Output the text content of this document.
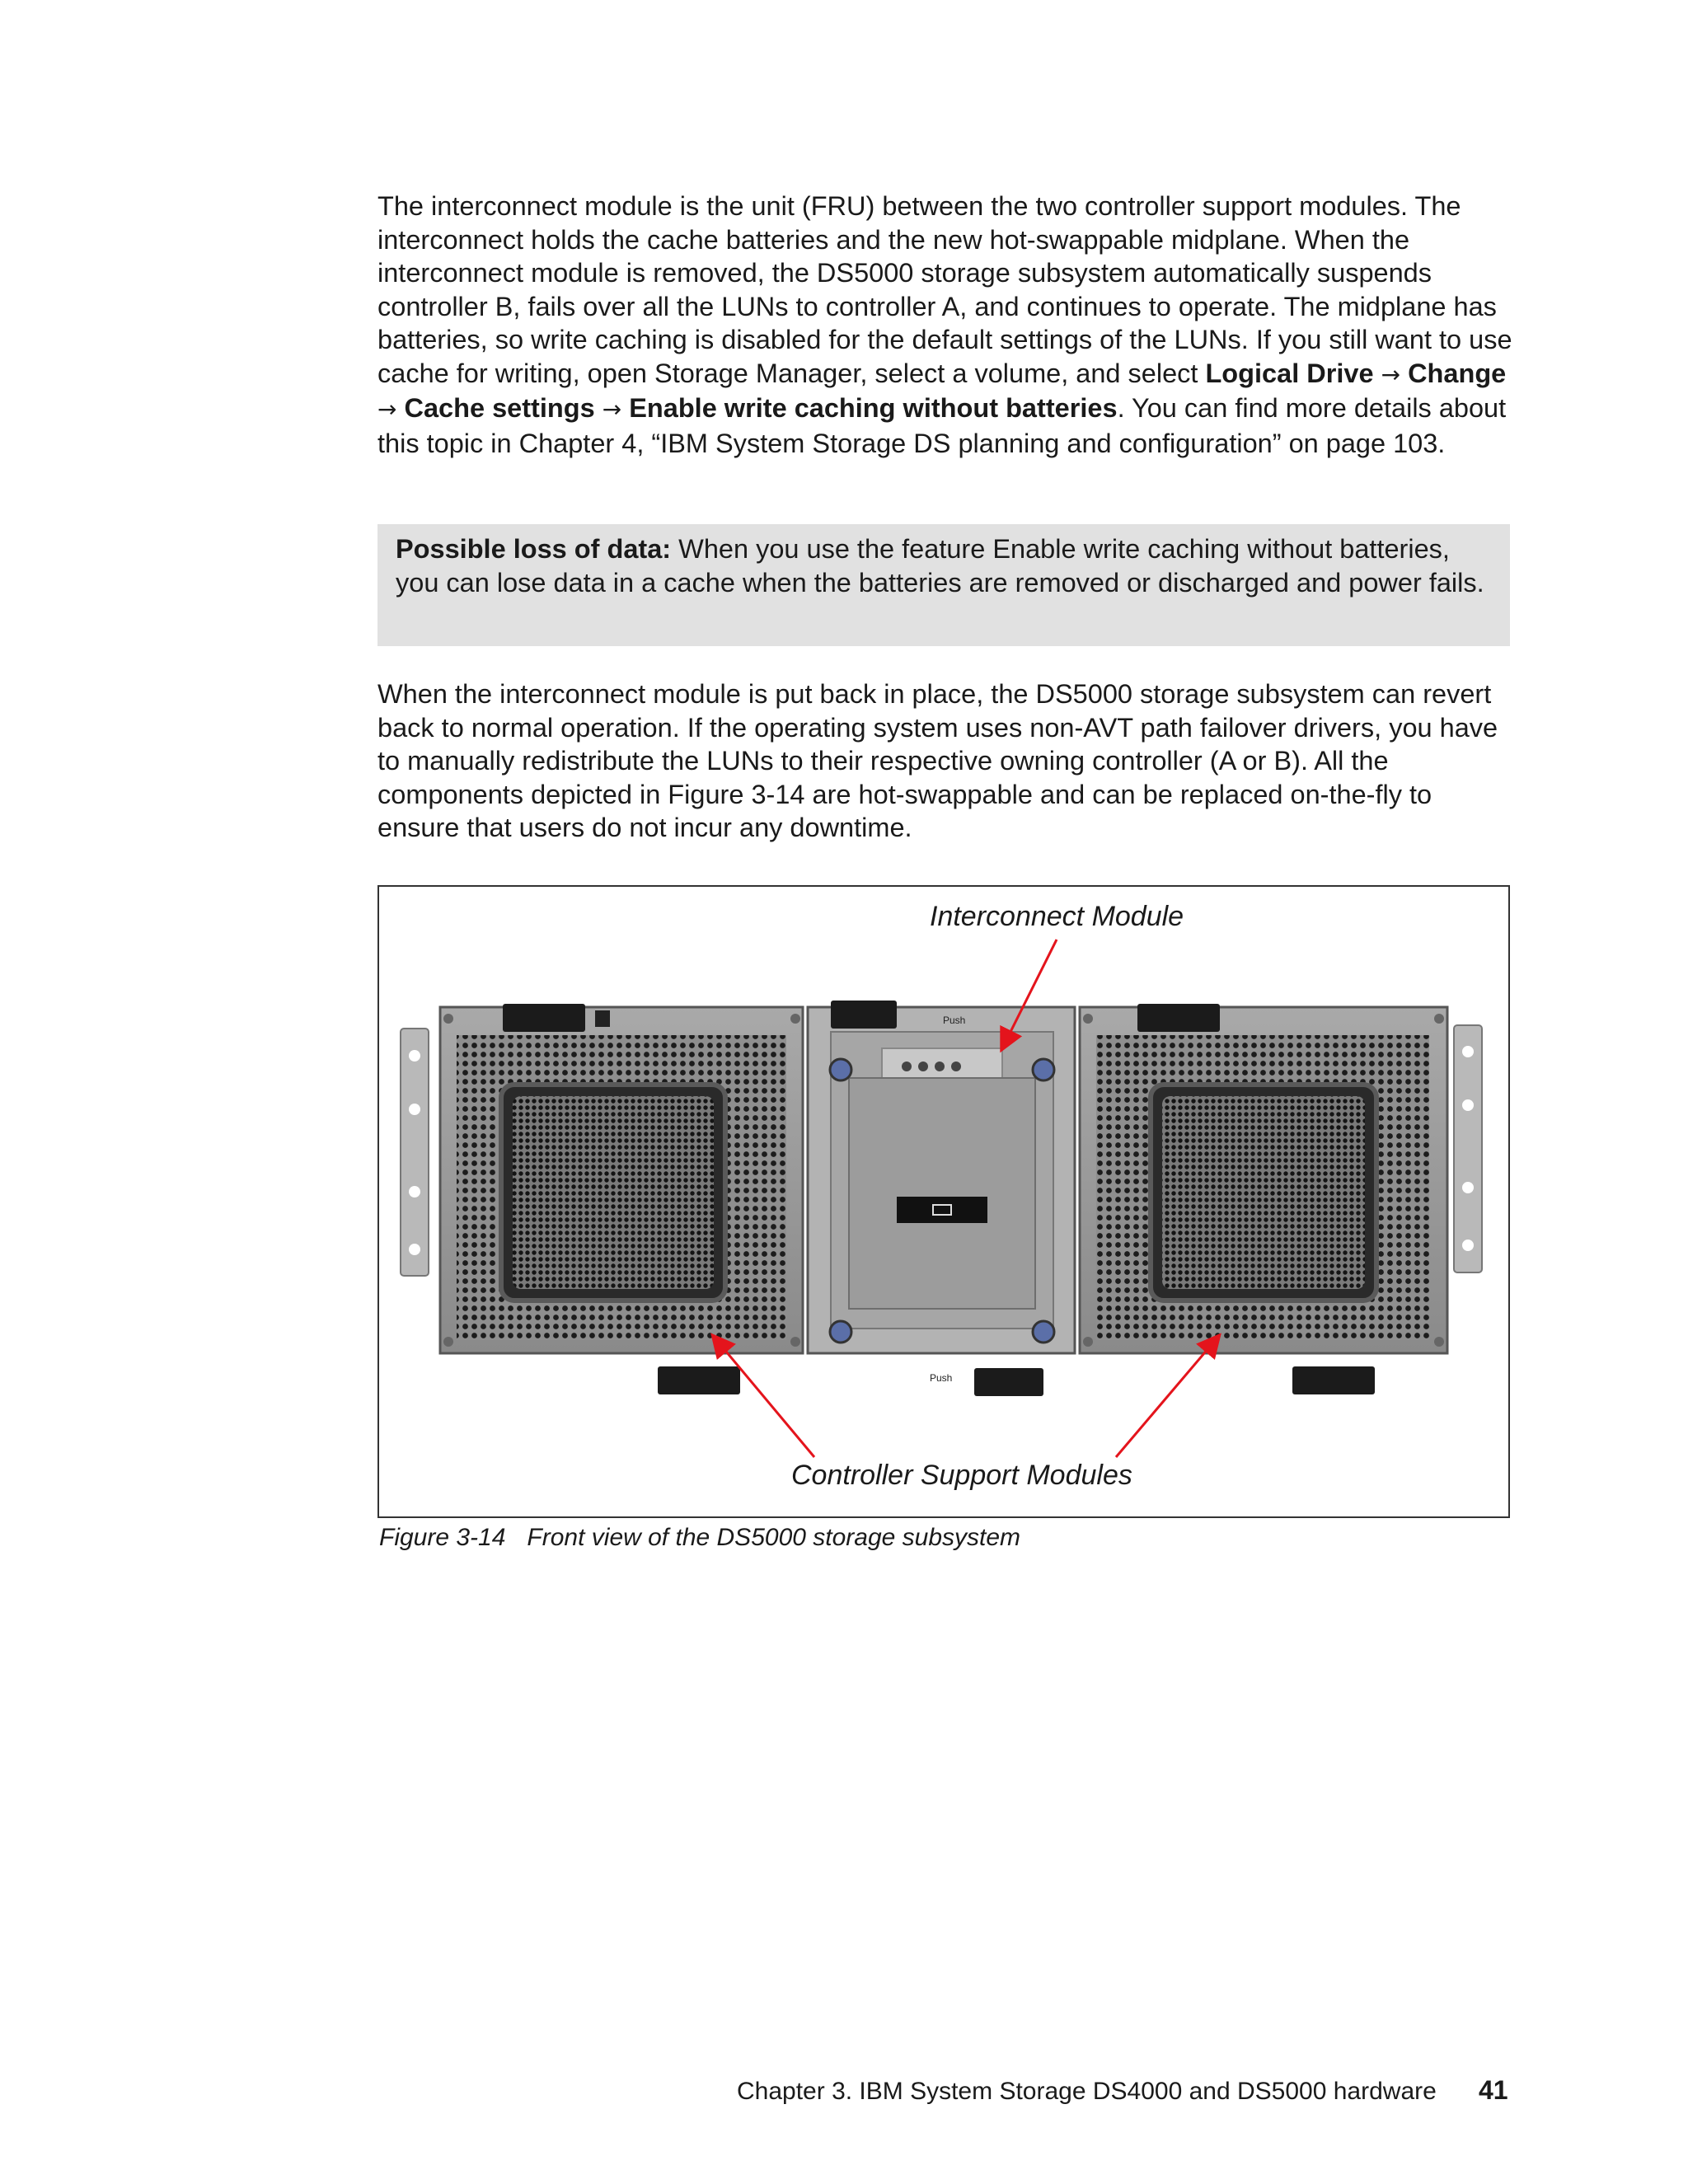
The interconnect module is the unit (FRU) between the two controller support modules. The interconnect holds the cache batteries and the new hot-swappable midplane. When the interconnect module is removed, the DS5000 storage subsystem automatically suspends controller B, fails over all the LUNs to controller A, and continues to operate. The midplane has batteries, so write caching is disabled for the default settings of the LUNs. If you still want to use cache for writing, open Storage Manager, select a volume, and select Logical Drive → Change → Cache settings → Enable write caching without batteries. You can find more details about this topic in Chapter 4, “IBM System Storage DS planning and configuration” on page 103.

Possible loss of data: When you use the feature Enable write caching without batteries, you can lose data in a cache when the batteries are removed or discharged and power fails.

When the interconnect module is put back in place, the DS5000 storage subsystem can revert back to normal operation. If the operating system uses non-AVT path failover drivers, you have to manually redistribute the LUNs to their respective owning controller (A or B). All the components depicted in Figure 3-14 are hot-swappable and can be replaced on-the-fly to ensure that users do not incur any downtime.

Push
Push
Interconnect Module
Controller Support Modules
Figure 3-14 Front view of the DS5000 storage subsystem
Chapter 3. IBM System Storage DS4000 and DS5000 hardware 41
